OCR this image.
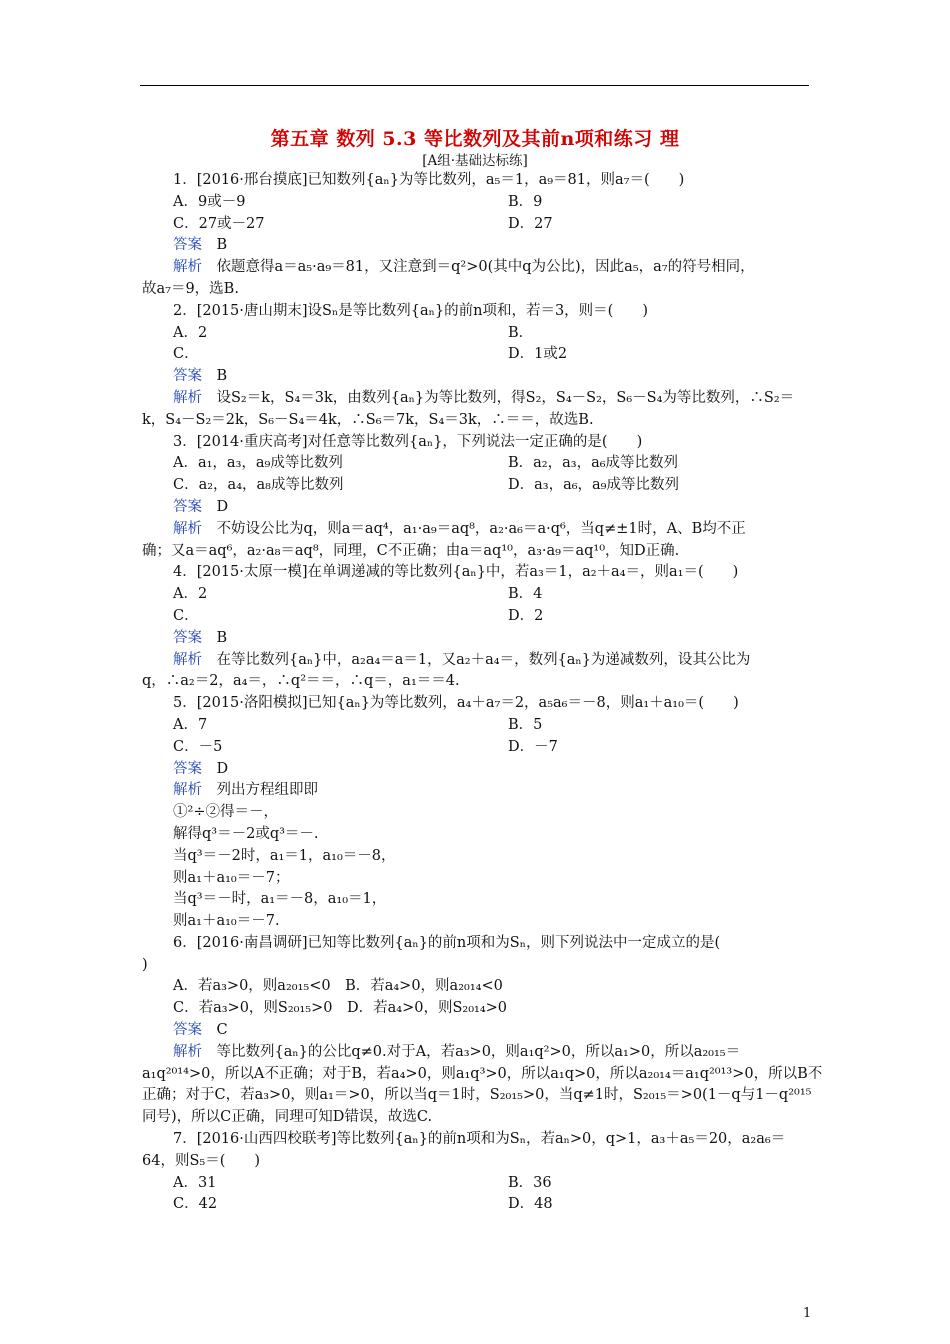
第五章 数列 5.3 等比数列及其前n项和练习 理
[A组·基础达标练]
1．[2016·邢台摸底]已知数列{aₙ}为等比数列，a₅＝1，a₉＝81，则a₇＝(　　)
A．9或－9	B．9
C．27或－27	D．27
答案　B
解析　依题意得a＝a₅·a₉＝81，又注意到＝q²>0(其中q为公比)，因此a₅，a₇的符号相同，
故a₇＝9，选B.
2．[2015·唐山期末]设Sₙ是等比数列{aₙ}的前n项和，若＝3，则＝(　　)
A．2	B．
C．	D．1或2
答案　B
解析　设S₂＝k，S₄＝3k，由数列{aₙ}为等比数列，得S₂，S₄－S₂，S₆－S₄为等比数列，∴S₂＝
k，S₄－S₂＝2k，S₆－S₄＝4k，∴S₆＝7k，S₄＝3k，∴＝＝，故选B.
3．[2014·重庆高考]对任意等比数列{aₙ}，下列说法一定正确的是(　　)
A．a₁，a₃，a₉成等比数列	B．a₂，a₃，a₆成等比数列
C．a₂，a₄，a₈成等比数列	D．a₃，a₆，a₉成等比数列
答案　D
解析　不妨设公比为q，则a＝aq⁴，a₁·a₉＝aq⁸，a₂·a₆＝a·q⁶，当q≠±1时，A、B均不正
确；又a＝aq⁶，a₂·a₈＝aq⁸，同理，C不正确；由a＝aq¹⁰，a₃·a₉＝aq¹⁰，知D正确.
4．[2015·太原一模]在单调递减的等比数列{aₙ}中，若a₃＝1，a₂＋a₄＝，则a₁＝(　　)
A．2	B．4
C．	D．2
答案　B
解析　在等比数列{aₙ}中，a₂a₄＝a＝1，又a₂＋a₄＝，数列{aₙ}为递减数列，设其公比为
q，∴a₂＝2，a₄＝，∴q²＝＝，∴q＝，a₁＝＝4.
5．[2015·洛阳模拟]已知{aₙ}为等比数列，a₄＋a₇＝2，a₅a₆＝－8，则a₁＋a₁₀＝(　　)
A．7	B．5
C．－5	D．－7
答案　D
解析　列出方程组即即
①²÷②得＝－，
解得q³＝－2或q³＝－.
当q³＝－2时，a₁＝1，a₁₀＝－8，
则a₁＋a₁₀＝－7；
当q³＝－时，a₁＝－8，a₁₀＝1，
则a₁＋a₁₀＝－7.
6．[2016·南昌调研]已知等比数列{aₙ}的前n项和为Sₙ，则下列说法中一定成立的是(
)
A．若a₃>0，则a₂₀₁₅<0　B．若a₄>0，则a₂₀₁₄<0
C．若a₃>0，则S₂₀₁₅>0　D．若a₄>0，则S₂₀₁₄>0
答案　C
解析　等比数列{aₙ}的公比q≠0.对于A，若a₃>0，则a₁q²>0，所以a₁>0，所以a₂₀₁₅＝
a₁q²⁰¹⁴>0，所以A不正确；对于B，若a₄>0，则a₁q³>0，所以a₁q>0，所以a₂₀₁₄＝a₁q²⁰¹³>0，所以B不
正确；对于C，若a₃>0，则a₁＝>0，所以当q＝1时，S₂₀₁₅>0，当q≠1时，S₂₀₁₅＝>0(1－q与1－q²⁰¹⁵
同号)，所以C正确，同理可知D错误，故选C.
7．[2016·山西四校联考]等比数列{aₙ}的前n项和为Sₙ，若aₙ>0，q>1，a₃＋a₅＝20，a₂a₆＝
64，则S₅＝(　　)
A．31	B．36
C．42	D．48
1
